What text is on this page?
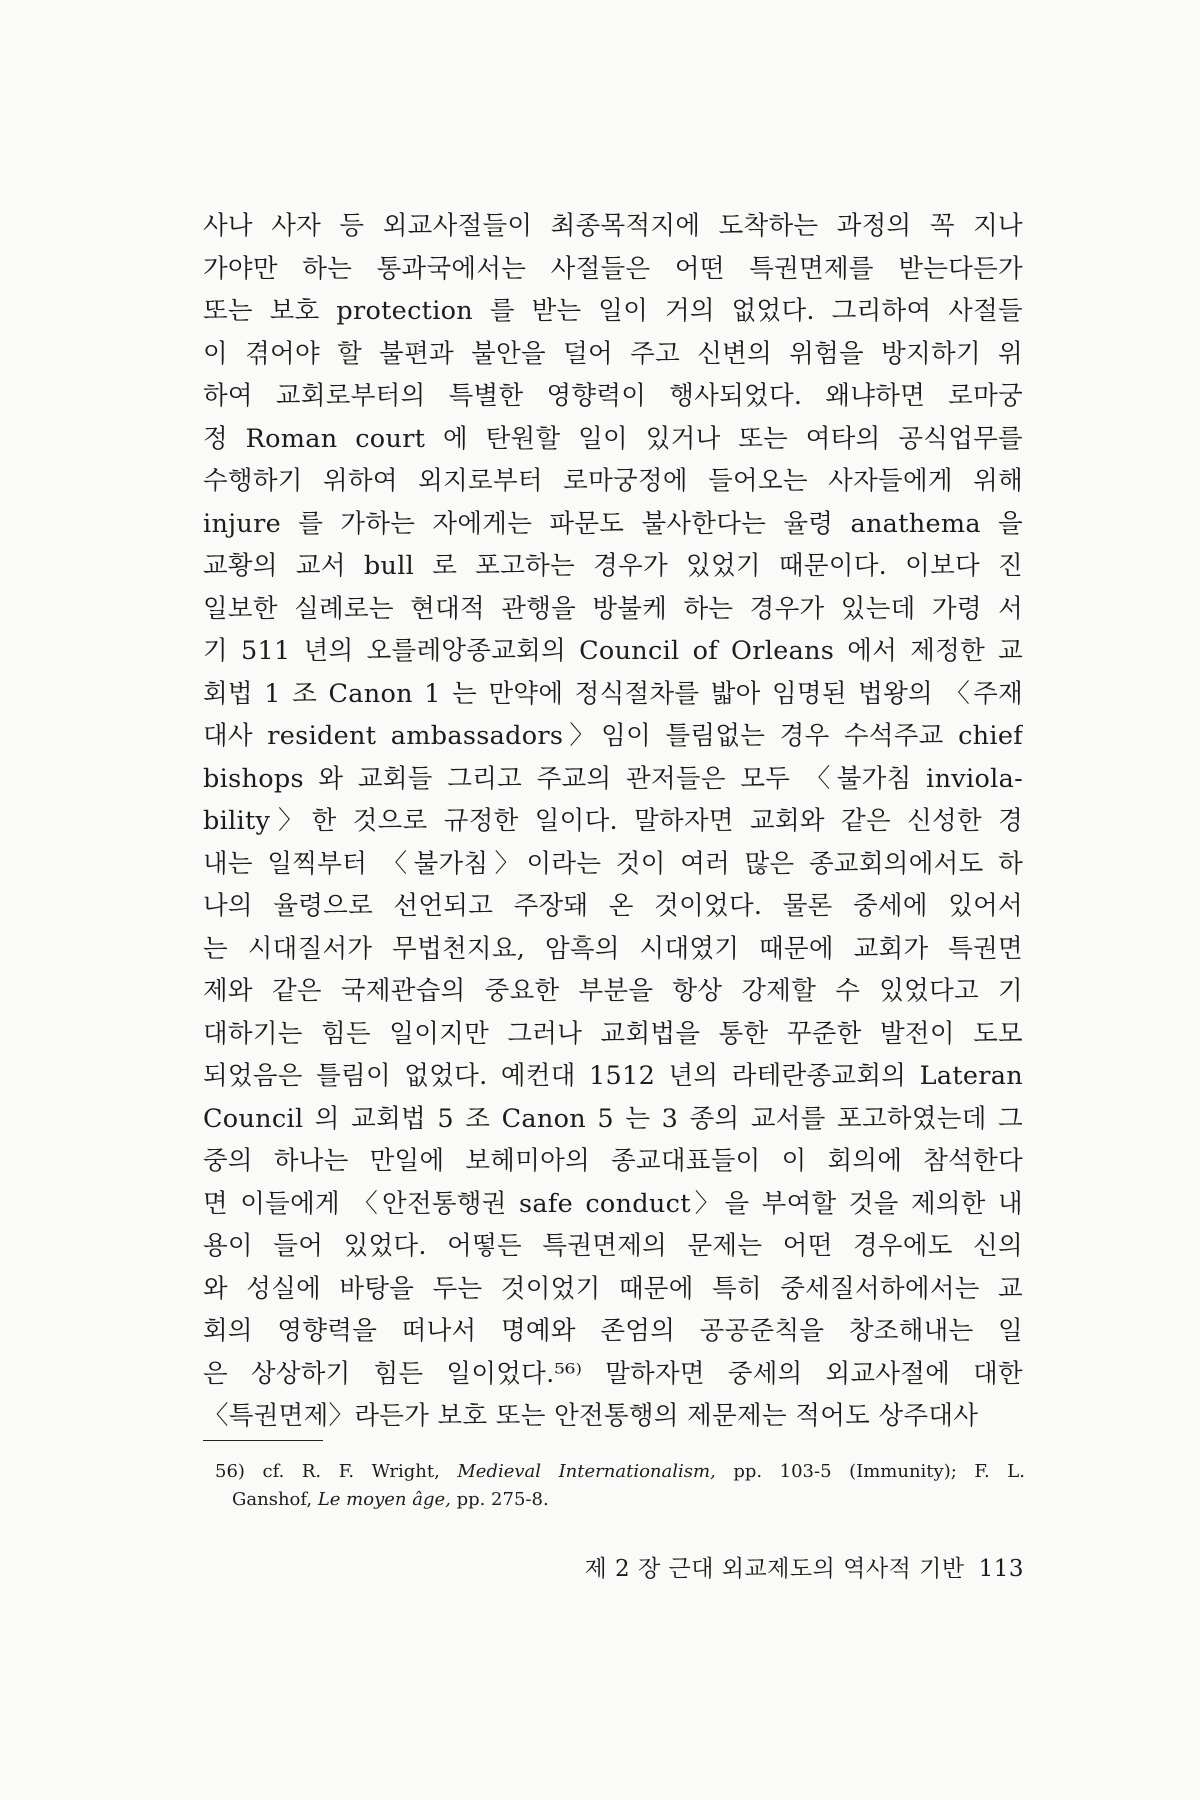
사나 사자 등 외교사절들이 최종목적지에 도착하는 과정의 꼭 지나
가야만 하는 통과국에서는 사절들은 어떤 특권면제를 받는다든가
또는 보호 protection 를 받는 일이 거의 없었다. 그리하여 사절들
이 겪어야 할 불편과 불안을 덜어 주고 신변의 위험을 방지하기 위
하여 교회로부터의 특별한 영향력이 행사되었다. 왜냐하면 로마궁
정 Roman court 에 탄원할 일이 있거나 또는 여타의 공식업무를
수행하기 위하여 외지로부터 로마궁정에 들어오는 사자들에게 위해
injure 를 가하는 자에게는 파문도 불사한다는 율령 anathema 을
교황의 교서 bull 로 포고하는 경우가 있었기 때문이다. 이보다 진
일보한 실례로는 현대적 관행을 방불케 하는 경우가 있는데 가령 서
기 511 년의 오를레앙종교회의 Council of Orleans 에서 제정한 교
회법 1 조 Canon 1 는 만약에 정식절차를 밟아 임명된 법왕의 〈주재
대사 resident ambassadors〉임이 틀림없는 경우 수석주교 chief
bishops 와 교회들 그리고 주교의 관저들은 모두 〈불가침 inviola-
bility〉한 것으로 규정한 일이다. 말하자면 교회와 같은 신성한 경
내는 일찍부터 〈불가침〉이라는 것이 여러 많은 종교회의에서도 하
나의 율령으로 선언되고 주장돼 온 것이었다. 물론 중세에 있어서
는 시대질서가 무법천지요, 암흑의 시대였기 때문에 교회가 특권면
제와 같은 국제관습의 중요한 부분을 항상 강제할 수 있었다고 기
대하기는 힘든 일이지만 그러나 교회법을 통한 꾸준한 발전이 도모
되었음은 틀림이 없었다. 예컨대 1512 년의 라테란종교회의 Lateran
Council 의 교회법 5 조 Canon 5 는 3 종의 교서를 포고하였는데 그
중의 하나는 만일에 보헤미아의 종교대표들이 이 회의에 참석한다
면 이들에게 〈안전통행권 safe conduct〉을 부여할 것을 제의한 내
용이 들어 있었다. 어떻든 특권면제의 문제는 어떤 경우에도 신의
와 성실에 바탕을 두는 것이었기 때문에 특히 중세질서하에서는 교
회의 영향력을 떠나서 명예와 존엄의 공공준칙을 창조해내는 일
은 상상하기 힘든 일이었다.⁵⁶⁾ 말하자면 중세의 외교사절에 대한
〈특권면제〉라든가 보호 또는 안전통행의 제문제는 적어도 상주대사
56) cf. R. F. Wright, Medieval Internationalism, pp. 103-5 (Immunity); F. L.
Ganshof, Le moyen âge, pp. 275-8.
제 2 장 근대 외교제도의 역사적 기반 113
